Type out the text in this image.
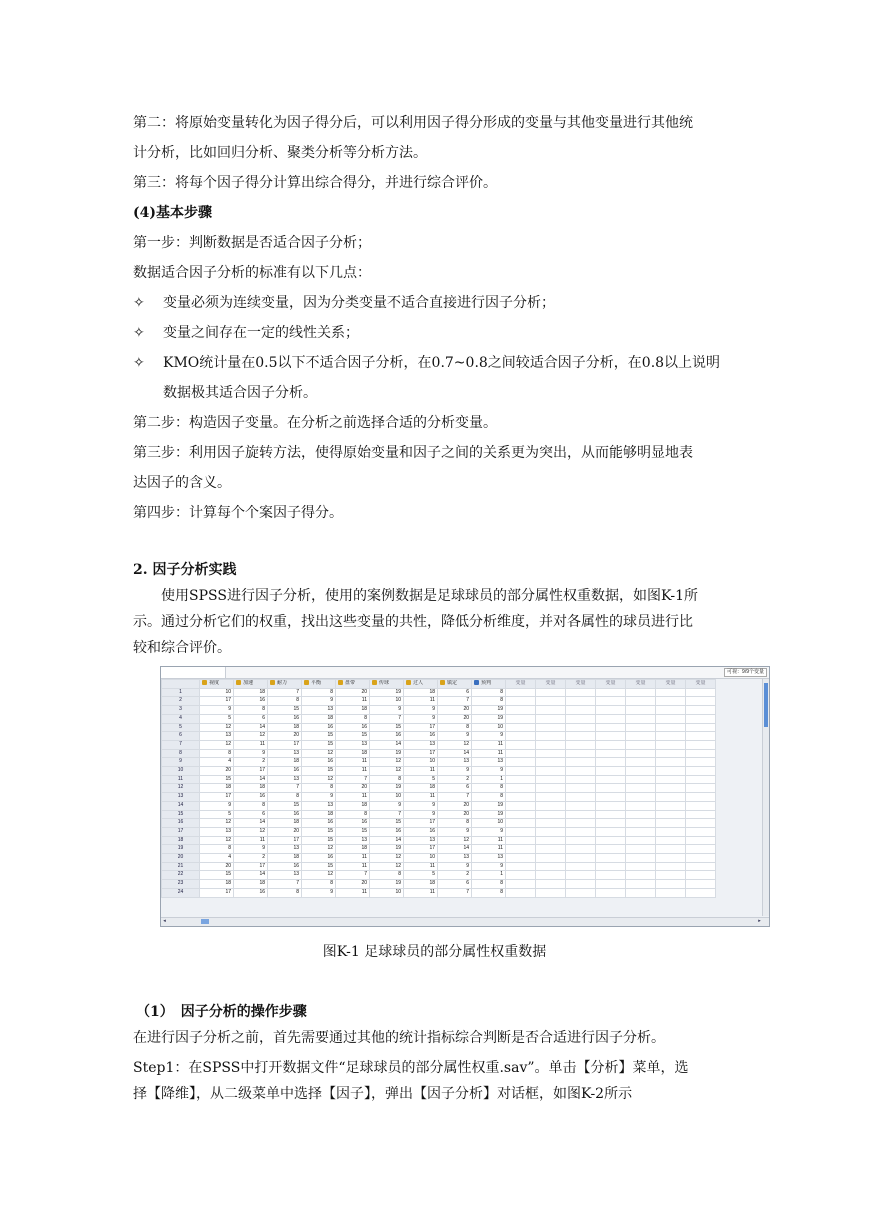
第二：将原始变量转化为因子得分后，可以利用因子得分形成的变量与其他变量进行其他统
计分析，比如回归分析、聚类分析等分析方法。
第三：将每个因子得分计算出综合得分，并进行综合评价。
(4)基本步骤
第一步：判断数据是否适合因子分析；
数据适合因子分析的标准有以下几点：
✧ 变量必须为连续变量，因为分类变量不适合直接进行因子分析；
✧ 变量之间存在一定的线性关系；
✧ KMO统计量在0.5以下不适合因子分析，在0.7~0.8之间较适合因子分析，在0.8以上说明
数据极其适合因子分析。
第二步：构造因子变量。在分析之前选择合适的分析变量。
第三步：利用因子旋转方法，使得原始变量和因子之间的关系更为突出，从而能够明显地表
达因子的含义。
第四步：计算每个个案因子得分。
2. 因子分析实践
使用SPSS进行因子分析，使用的案例数据是足球球员的部分属性权重数据，如图K-1所
示。通过分析它们的权重，找出这些变量的共性，降低分析维度，并对各属性的球员进行比
较和综合评价。
可视：9/9个变量
	视度	加速	耐力	平衡	盘带	传球	过人	镇定	预判	变量	变量	变量	变量	变量	变量	变量
1	10	18	7	8	20	19	18	6	8							
2	17	16	8	9	11	10	11	7	8							
3	9	8	15	13	18	9	9	20	19							
4	5	6	16	18	8	7	9	20	19							
5	12	14	18	16	16	15	17	8	10							
6	13	12	20	15	15	16	16	9	9							
7	12	11	17	15	13	14	13	12	11							
8	8	9	13	12	18	19	17	14	11							
9	4	2	18	16	11	12	10	13	13							
10	20	17	16	15	11	12	11	9	9							
11	15	14	13	12	7	8	5	2	1							
12	18	18	7	8	20	19	18	6	8							
13	17	16	8	9	11	10	11	7	8							
14	9	8	15	13	18	9	9	20	19							
15	5	6	16	18	8	7	9	20	19							
16	12	14	18	16	16	15	17	8	10							
17	13	12	20	15	15	16	16	9	9							
18	12	11	17	15	13	14	13	12	11							
19	8	9	13	12	18	19	17	14	11							
20	4	2	18	16	11	12	10	13	13							
21	20	17	16	15	11	12	11	9	9							
22	15	14	13	12	7	8	5	2	1							
23	18	18	7	8	20	19	18	6	8							
24	17	16	8	9	11	10	11	7	8							
◂	▸
图K-1 足球球员的部分属性权重数据
（1）　因子分析的操作步骤
在进行因子分析之前，首先需要通过其他的统计指标综合判断是否合适进行因子分析。
Step1：在SPSS中打开数据文件“足球球员的部分属性权重.sav”。单击【分析】菜单，选
择【降维】，从二级菜单中选择【因子】，弹出【因子分析】对话框，如图K-2所示
